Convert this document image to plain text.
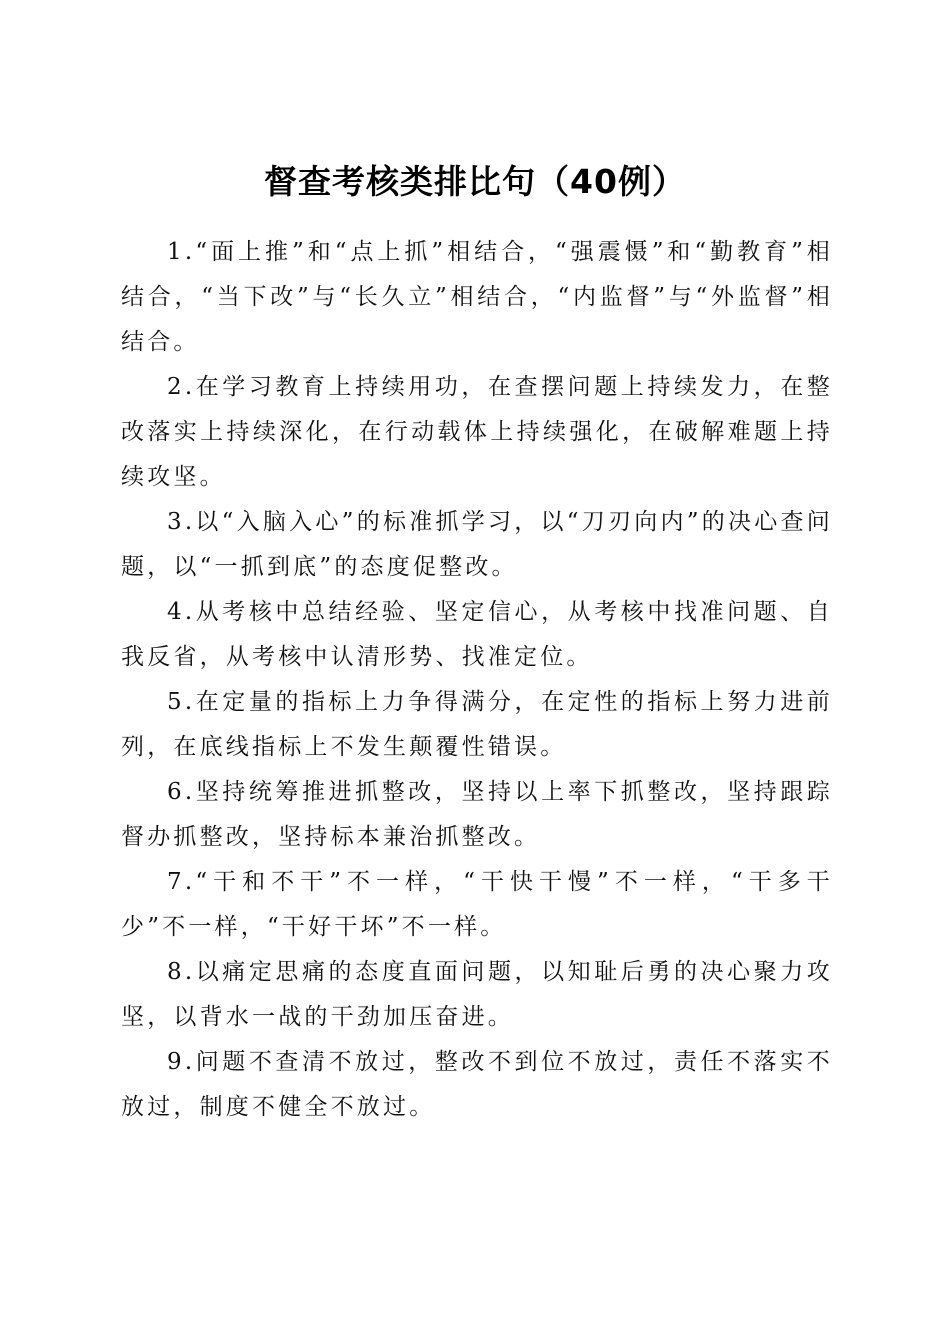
督查考核类排比句（40例）

1.“面上推”和“点上抓”相结合，“强震慑”和“勤教育”相结合，“当下改”与“长久立”相结合，“内监督”与“外监督”相结合。

2.在学习教育上持续用功，在查摆问题上持续发力，在整改落实上持续深化，在行动载体上持续强化，在破解难题上持续攻坚。

3.以“入脑入心”的标准抓学习，以“刀刃向内”的决心查问题，以“一抓到底”的态度促整改。

4.从考核中总结经验、坚定信心，从考核中找准问题、自我反省，从考核中认清形势、找准定位。

5.在定量的指标上力争得满分，在定性的指标上努力进前列，在底线指标上不发生颠覆性错误。

6.坚持统筹推进抓整改，坚持以上率下抓整改，坚持跟踪督办抓整改，坚持标本兼治抓整改。

7.“干和不干”不一样，“干快干慢”不一样，“干多干少”不一样，“干好干坏”不一样。

8.以痛定思痛的态度直面问题，以知耻后勇的决心聚力攻坚，以背水一战的干劲加压奋进。

9.问题不查清不放过，整改不到位不放过，责任不落实不放过，制度不健全不放过。
